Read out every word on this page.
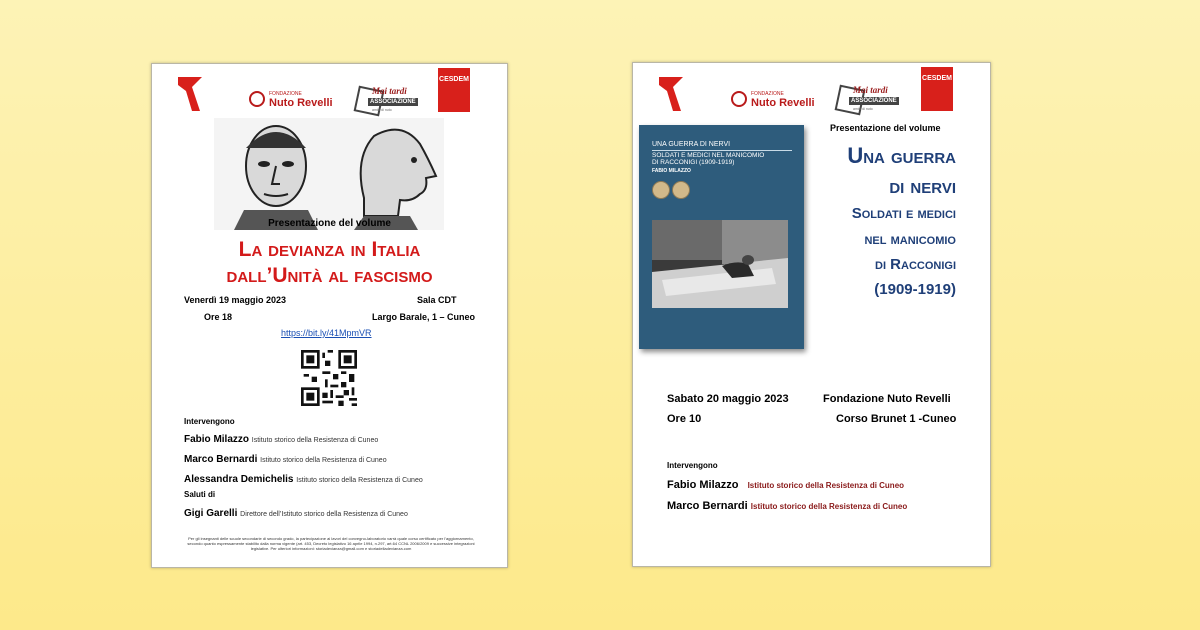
FONDAZIONE
Nuto Revelli
Mai tardi
ASSOCIAZIONE
amici di nuto
CESDEM
Presentazione del volume
La devianza in Italia
dall’Unità al fascismo
Venerdì 19 maggio 2023	Sala CDT
Ore 18	Largo Barale, 1 – Cuneo
https://bit.ly/41MpmVR
Intervengono
Fabio Milazzo Istituto storico della Resistenza di Cuneo
Marco Bernardi Istituto storico della Resistenza di Cuneo
Alessandra Demichelis Istituto storico della Resistenza di Cuneo
Saluti di
Gigi Garelli Direttore dell’Istituto storico della Resistenza di Cuneo
Per gli insegnanti delle scuole secondarie di secondo grado, la partecipazione ai lavori del convegno-laboratorio varrà quale corso certificato per l’aggiornamento, secondo quanto espressamente stabilito dalla norma vigente (art. 453, Decreto legislativo 16 aprile 1994, n.297, art.64 CCNL 2006/2009 e successive integrazioni legislative. Per ulteriori informazioni: storiadevianza@gmail.com e storiadelladevianza.com
FONDAZIONE
Nuto Revelli
Mai tardi
ASSOCIAZIONE
amici di nuto
CESDEM
UNA GUERRA DI NERVI
SOLDATI E MEDICI NEL MANICOMIO
DI RACCONIGI (1909-1919)
FABIO MILAZZO
Presentazione del volume
Una guerra
di nervi
Soldati e medici
nel manicomio
di Racconigi
(1909-1919)
Sabato 20 maggio 2023	Fondazione Nuto Revelli
Ore 10	Corso Brunet 1 -Cuneo
Intervengono
Fabio Milazzo Istituto storico della Resistenza di Cuneo
Marco Bernardi Istituto storico della Resistenza di Cuneo
